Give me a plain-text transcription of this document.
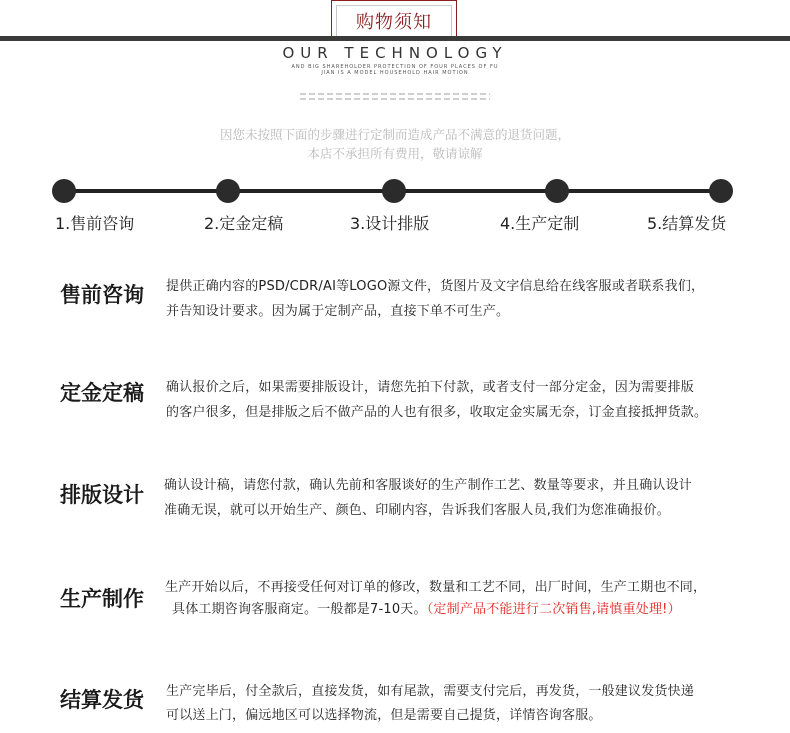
购物须知
OUR TECHNOLOGY
AND BIG SHAREHOLDER PROTECTION OF FOUR PLACES OF FU
JIAN IS A MODEL HOUSEHOLD HAIR MOTION
因您未按照下面的步骤进行定制而造成产品不满意的退货问题，
本店不承担所有费用，敬请谅解
1.售前咨询	2.定金定稿	3.设计排版	4.生产定制	5.结算发货
售前咨询 提供正确内容的PSD/CDR/AI等LOGO源文件，货图片及文字信息给在线客服或者联系我们，
并告知设计要求。因为属于定制产品，直接下单不可生产。
定金定稿 确认报价之后，如果需要排版设计，请您先拍下付款，或者支付一部分定金，因为需要排版
的客户很多，但是排版之后不做产品的人也有很多，收取定金实属无奈，订金直接抵押货款。
排版设计 确认设计稿，请您付款，确认先前和客服谈好的生产制作工艺、数量等要求，并且确认设计
准确无误，就可以开始生产、颜色、印刷内容，告诉我们客服人员,我们为您准确报价。
生产制作 生产开始以后，不再接受任何对订单的修改，数量和工艺不同，出厂时间，生产工期也不同，
具体工期咨询客服商定。一般都是7-10天。（定制产品不能进行二次销售,请慎重处理!）
结算发货 生产完毕后，付全款后，直接发货，如有尾款，需要支付完后，再发货，一般建议发货快递
可以送上门，偏远地区可以选择物流，但是需要自己提货，详情咨询客服。
